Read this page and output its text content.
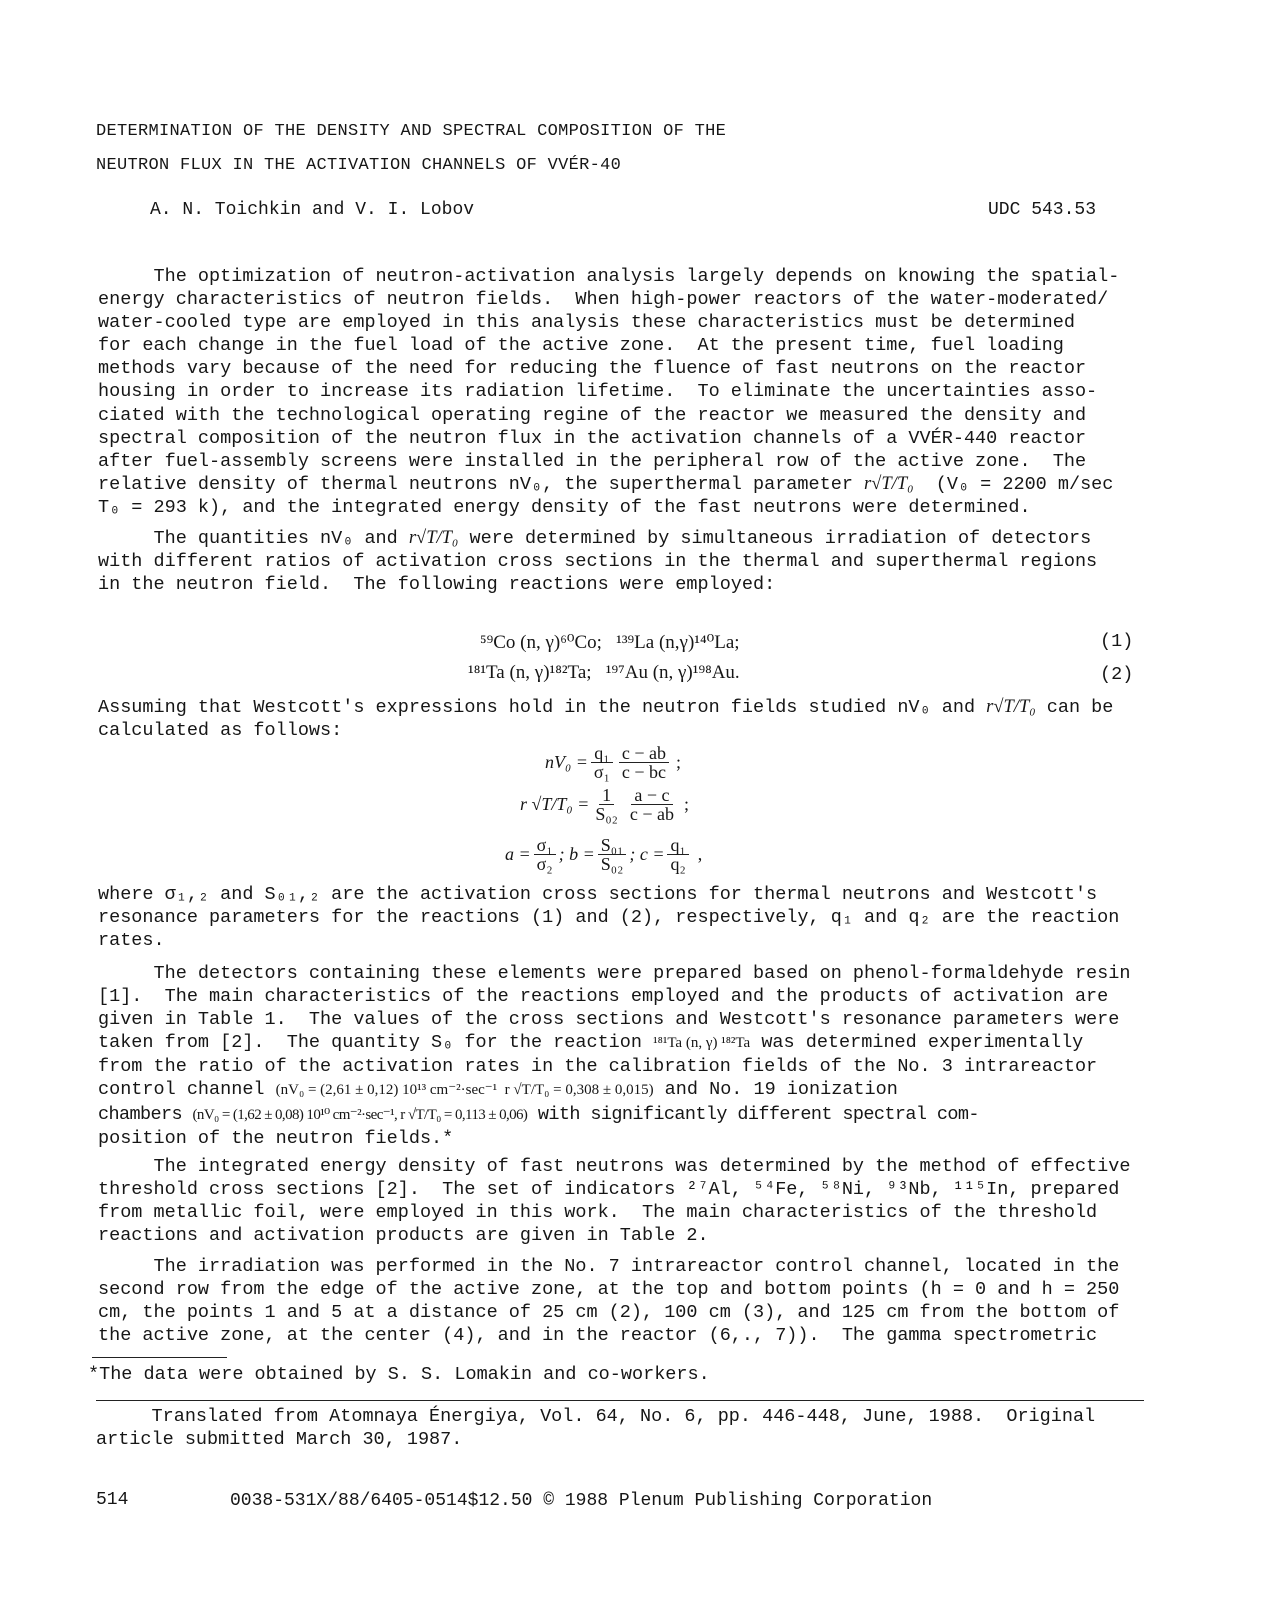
DETERMINATION OF THE DENSITY AND SPECTRAL COMPOSITION OF THE
NEUTRON FLUX IN THE ACTIVATION CHANNELS OF VVÉR-40
A. N. Toichkin and V. I. Lobov	UDC 543.53
The optimization of neutron-activation analysis largely depends on knowing the spatial-
energy characteristics of neutron fields.  When high-power reactors of the water-moderated/
water-cooled type are employed in this analysis these characteristics must be determined
for each change in the fuel load of the active zone.  At the present time, fuel loading
methods vary because of the need for reducing the fluence of fast neutrons on the reactor
housing in order to increase its radiation lifetime.  To eliminate the uncertainties asso-
ciated with the technological operating regine of the reactor we measured the density and
spectral composition of the neutron flux in the activation channels of a VVÉR-440 reactor
after fuel-assembly screens were installed in the peripheral row of the active zone.  The
relative density of thermal neutrons nV₀, the superthermal parameter r√T/T₀  (V₀ = 2200 m/sec
T₀ = 293 k), and the integrated energy density of the fast neutrons were determined.
The quantities nV₀ and r√T/T₀ were determined by simultaneous irradiation of detectors
with different ratios of activation cross sections in the thermal and superthermal regions
in the neutron field.  The following reactions were employed:
⁵⁹Co (n, γ)⁶⁰Co;   ¹³⁹La (n,γ)¹⁴⁰La;	(1)
¹⁸¹Ta (n, γ)¹⁸²Ta;   ¹⁹⁷Au (n, γ)¹⁹⁸Au.	(2)
Assuming that Westcott's expressions hold in the neutron fields studied nV₀ and r√T/T₀ can be
calculated as follows:
$nV_0 = \frac{\text{q₁}}{\text{σ₁}} \frac{c - ab}{c - bc}$ ;
r $√T/T_0 = \frac{1}{\text{S₀₂}} \frac{a - c}{c - ab}$ ;
$a = \frac{\text{σ₁}}{\text{σ₂}}$ ; $b = \frac{\text{S₀₁}}{\text{S₀₂}}$ ; $c = \frac{\text{q₁}}{\text{q₂}}$ ,
where σ₁,₂ and S₀₁,₂ are the activation cross sections for thermal neutrons and Westcott's
resonance parameters for the reactions (1) and (2), respectively, q₁ and q₂ are the reaction
rates.
The detectors containing these elements were prepared based on phenol-formaldehyde resin
[1].  The main characteristics of the reactions employed and the products of activation are
given in Table 1.  The values of the cross sections and Westcott's resonance parameters were
taken from [2].  The quantity S₀ for the reaction ¹⁸¹Ta (n, γ) ¹⁸²Ta was determined experimentally
from the ratio of the activation rates in the calibration fields of the No. 3 intrareactor
control channel (nV₀ = (2,61 ± 0,12) 10¹³ cm⁻²·sec⁻¹  r √T/T₀ = 0,308 ± 0,015) and No. 19 ionization
chambers (nV₀ = (1,62 ± 0,08) 10¹⁰ cm⁻²·sec⁻¹, r √T/T₀ = 0,113 ± 0,06) with significantly different spectral com-
position of the neutron fields.*
The integrated energy density of fast neutrons was determined by the method of effective
threshold cross sections [2].  The set of indicators ²⁷Al, ⁵⁴Fe, ⁵⁸Ni, ⁹³Nb, ¹¹⁵In, prepared
from metallic foil, were employed in this work.  The main characteristics of the threshold
reactions and activation products are given in Table 2.
The irradiation was performed in the No. 7 intrareactor control channel, located in the
second row from the edge of the active zone, at the top and bottom points (h = 0 and h = 250
cm, the points 1 and 5 at a distance of 25 cm (2), 100 cm (3), and 125 cm from the bottom of
the active zone, at the center (4), and in the reactor (6,., 7)).  The gamma spectrometric
*The data were obtained by S. S. Lomakin and co-workers.
Translated from Atomnaya Énergiya, Vol. 64, No. 6, pp. 446-448, June, 1988.  Original
article submitted March 30, 1987.
514	0038-531X/88/6405-0514$12.50 © 1988 Plenum Publishing Corporation
